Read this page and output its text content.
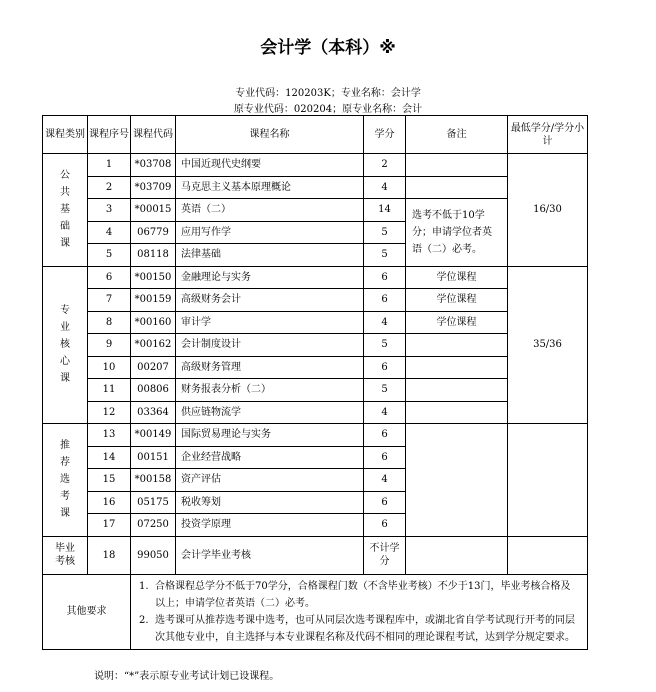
会计学（本科）※
专业代码：120203K；专业名称：会计学
原专业代码：020204；原专业名称：会计
课程类别	课程序号	课程代码	课程名称	学分	备注	最低学分/学分小计
公共基础课	1	*03708	中国近现代史纲要	2		16/30
	2	*03709	马克思主义基本原理概论	4		
	3	*00015	英语（二）	14	选考不低于10学分；申请学位者英语（二）必考。	
	4	06779	应用写作学	5		
	5	08118	法律基础	5		
专业核心课	6	*00150	金融理论与实务	6	学位课程	35/36
	7	*00159	高级财务会计	6	学位课程	
	8	*00160	审计学	4	学位课程	
	9	*00162	会计制度设计	5		
	10	00207	高级财务管理	6		
	11	00806	财务报表分析（二）	5		
	12	03364	供应链物流学	4		
推荐选考课	13	*00149	国际贸易理论与实务	6		
	14	00151	企业经营战略	6		
	15	*00158	资产评估	4		
	16	05175	税收筹划	6		
	17	07250	投资学原理	6		
毕业考核	18	99050	会计学毕业考核	不计学分		
其他要求		1. 合格课程总学分不低于70学分，合格课程门数（不含毕业考核）不少于13门，毕业考核合格及以上；申请学位者英语（二）必考。
2. 选考课可从推荐选考课中选考，也可从同层次选考课程库中，或湖北省自学考试现行开考的同层次其他专业中，自主选择与本专业课程名称及代码不相同的理论课程考试，达到学分规定要求。				
说明：“*”表示原专业考试计划已设课程。
